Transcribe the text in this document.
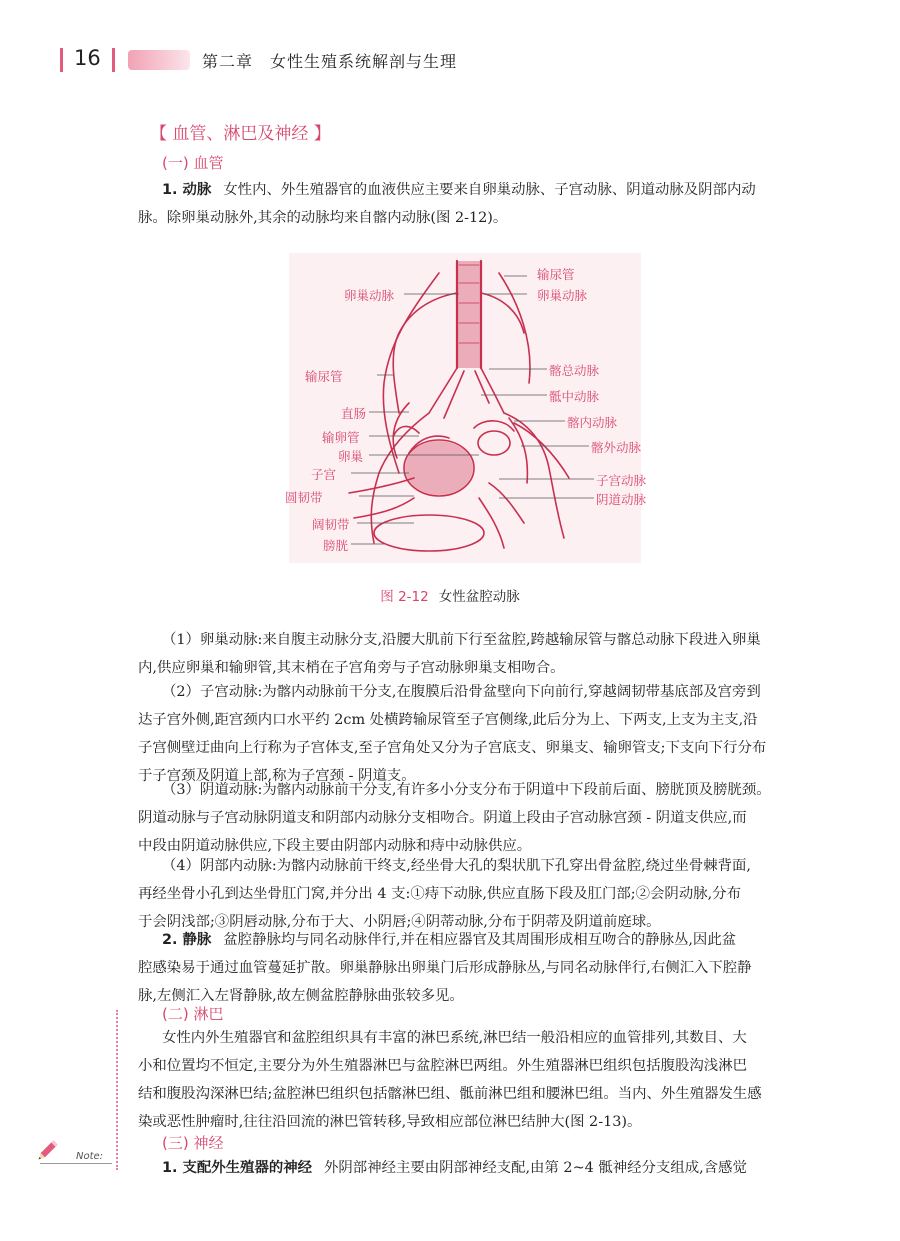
16	第二章　女性生殖系统解剖与生理
【 血管、淋巴及神经 】
(一) 血管
1. 动脉 女性内、外生殖器官的血液供应主要来自卵巢动脉、子宫动脉、阴道动脉及阴部内动
脉。除卵巢动脉外,其余的动脉均来自髂内动脉(图 2-12)。
输尿管
卵巢动脉	卵巢动脉
髂总动脉
输尿管
骶中动脉
直肠
髂内动脉
输卵管
髂外动脉
卵巢
子宫	子宫动脉
圆韧带	阴道动脉
阔韧带
膀胱
图 2-12 女性盆腔动脉
（1）卵巢动脉:来自腹主动脉分支,沿腰大肌前下行至盆腔,跨越输尿管与髂总动脉下段进入卵巢
内,供应卵巢和输卵管,其末梢在子宫角旁与子宫动脉卵巢支相吻合。
（2）子宫动脉:为髂内动脉前干分支,在腹膜后沿骨盆壁向下向前行,穿越阔韧带基底部及宫旁到
达子宫外侧,距宫颈内口水平约 2cm 处横跨输尿管至子宫侧缘,此后分为上、下两支,上支为主支,沿
子宫侧壁迂曲向上行称为子宫体支,至子宫角处又分为子宫底支、卵巢支、输卵管支;下支向下行分布
于子宫颈及阴道上部,称为子宫颈 - 阴道支。
（3）阴道动脉:为髂内动脉前干分支,有许多小分支分布于阴道中下段前后面、膀胱顶及膀胱颈。
阴道动脉与子宫动脉阴道支和阴部内动脉分支相吻合。阴道上段由子宫动脉宫颈 - 阴道支供应,而
中段由阴道动脉供应,下段主要由阴部内动脉和痔中动脉供应。
（4）阴部内动脉:为髂内动脉前干终支,经坐骨大孔的梨状肌下孔穿出骨盆腔,绕过坐骨棘背面,
再经坐骨小孔到达坐骨肛门窝,并分出 4 支:①痔下动脉,供应直肠下段及肛门部;②会阴动脉,分布
于会阴浅部;③阴唇动脉,分布于大、小阴唇;④阴蒂动脉,分布于阴蒂及阴道前庭球。
2. 静脉 盆腔静脉均与同名动脉伴行,并在相应器官及其周围形成相互吻合的静脉丛,因此盆
腔感染易于通过血管蔓延扩散。卵巢静脉出卵巢门后形成静脉丛,与同名动脉伴行,右侧汇入下腔静
脉,左侧汇入左肾静脉,故左侧盆腔静脉曲张较多见。
(二) 淋巴
女性内外生殖器官和盆腔组织具有丰富的淋巴系统,淋巴结一般沿相应的血管排列,其数目、大
小和位置均不恒定,主要分为外生殖器淋巴与盆腔淋巴两组。外生殖器淋巴组织包括腹股沟浅淋巴
结和腹股沟深淋巴结;盆腔淋巴组织包括髂淋巴组、骶前淋巴组和腰淋巴组。当内、外生殖器发生感
染或恶性肿瘤时,往往沿回流的淋巴管转移,导致相应部位淋巴结肿大(图 2-13)。
(三) 神经
1. 支配外生殖器的神经 外阴部神经主要由阴部神经支配,由第 2~4 骶神经分支组成,含感觉
Note:
